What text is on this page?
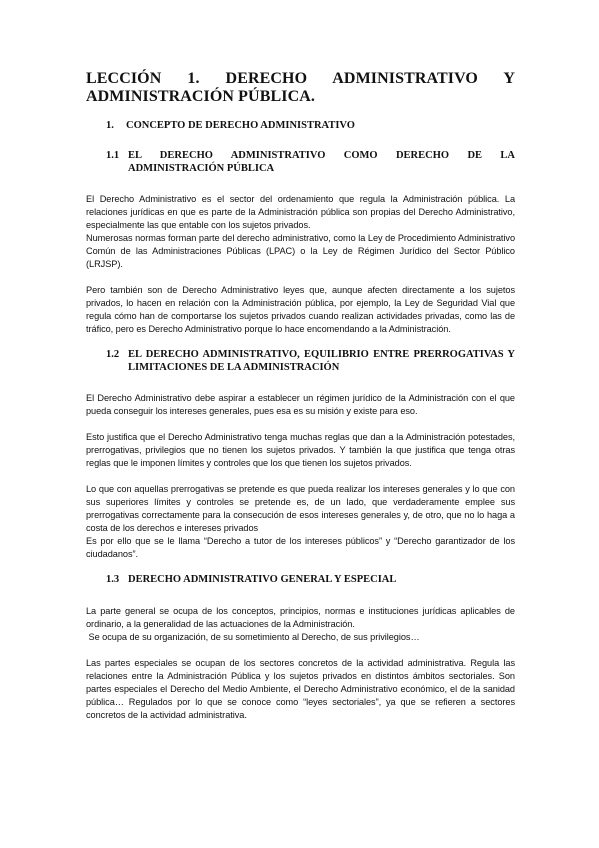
LECCIÓN 1. DERECHO ADMINISTRATIVO Y ADMINISTRACIÓN PÚBLICA.
1.	CONCEPTO DE DERECHO ADMINISTRATIVO
1.1 EL DERECHO ADMINISTRATIVO COMO DERECHO DE LA ADMINISTRACIÓN PÚBLICA

El Derecho Administrativo es el sector del ordenamiento que regula la Administración pública. La relaciones jurídicas en que es parte de la Administración pública son propias del Derecho Administrativo, especialmente las que entable con los sujetos privados.

Numerosas normas forman parte del derecho administrativo, como la Ley de Procedimiento Administrativo Común de las Administraciones Públicas (LPAC) o la Ley de Régimen Jurídico del Sector Público (LRJSP).

Pero también son de Derecho Administrativo leyes que, aunque afecten directamente a los sujetos privados, lo hacen en relación con la Administración pública, por ejemplo, la Ley de Seguridad Vial que regula cómo han de comportarse los sujetos privados cuando realizan actividades privadas, como las de tráfico, pero es Derecho Administrativo porque lo hace encomendando a la Administración.

1.2 EL DERECHO ADMINISTRATIVO, EQUILIBRIO ENTRE PRERROGATIVAS Y LIMITACIONES DE LA ADMINISTRACIÓN

El Derecho Administrativo debe aspirar a establecer un régimen jurídico de la Administración con el que pueda conseguir los intereses generales, pues esa es su misión y existe para eso.

Esto justifica que el Derecho Administrativo tenga muchas reglas que dan a la Administración potestades, prerrogativas, privilegios que no tienen los sujetos privados. Y también la que justifica que tenga otras reglas que le imponen límites y controles que los que tienen los sujetos privados.

Lo que con aquellas prerrogativas se pretende es que pueda realizar los intereses generales y lo que con sus superiores límites y controles se pretende es, de un lado, que verdaderamente emplee sus prerrogativas correctamente para la consecución de esos intereses generales y, de otro, que no lo haga a costa de los derechos e intereses privados

Es por ello que se le llama “Derecho a tutor de los intereses públicos” y “Derecho garantizador de los ciudadanos”.

1.3 DERECHO ADMINISTRATIVO GENERAL Y ESPECIAL

La parte general se ocupa de los conceptos, principios, normas e instituciones jurídicas aplicables de ordinario, a la generalidad de las actuaciones de la Administración.

Se ocupa de su organización, de su sometimiento al Derecho, de sus privilegios…

Las partes especiales se ocupan de los sectores concretos de la actividad administrativa. Regula las relaciones entre la Administración Pública y los sujetos privados en distintos ámbitos sectoriales. Son partes especiales el Derecho del Medio Ambiente, el Derecho Administrativo económico, el de la sanidad pública… Regulados por lo que se conoce como “leyes sectoriales”, ya que se refieren a sectores concretos de la actividad administrativa.
